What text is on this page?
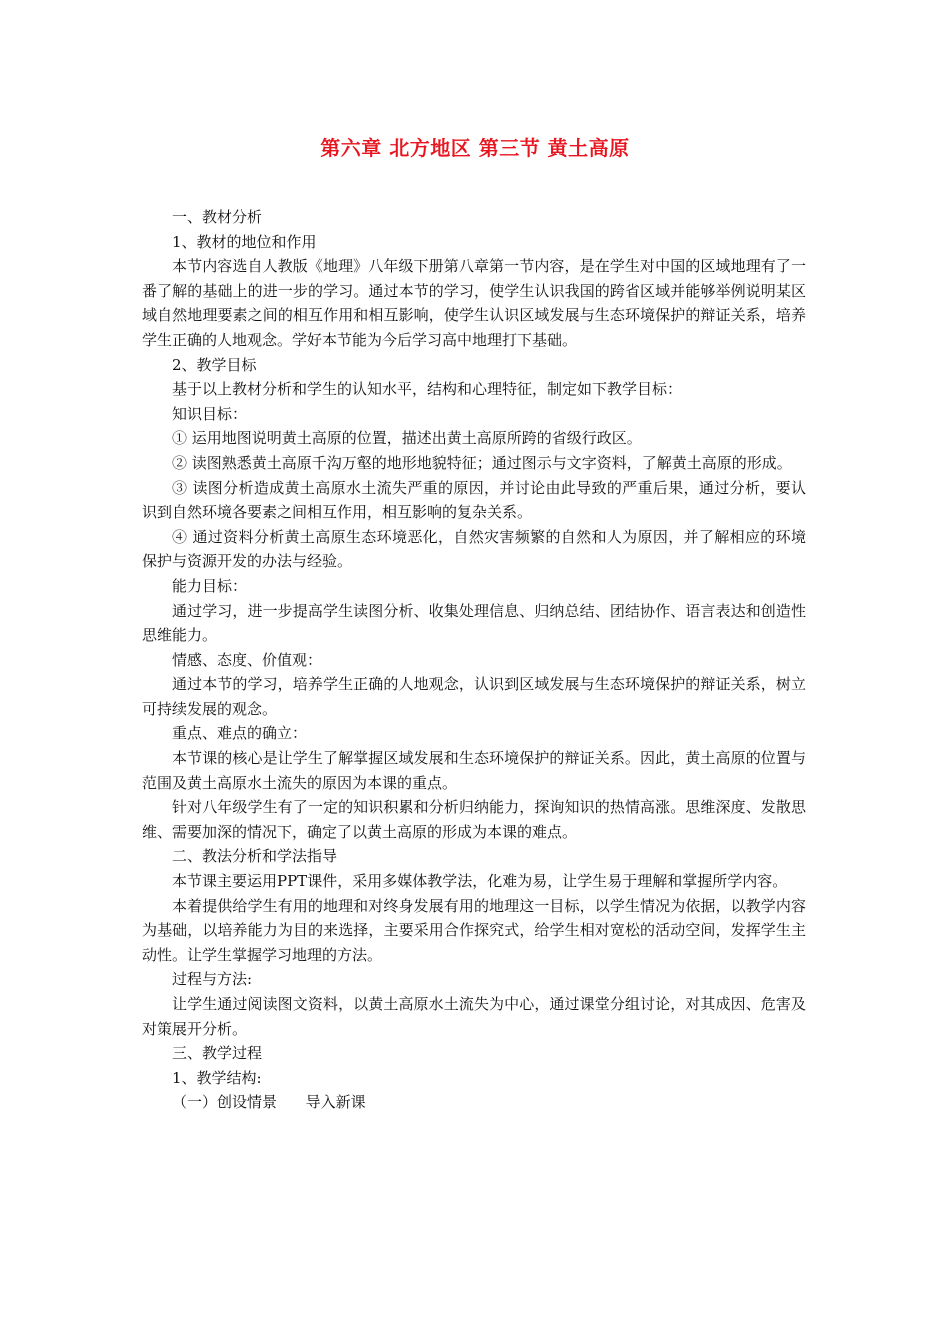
第六章 北方地区 第三节 黄土高原

一、教材分析

1、教材的地位和作用

本节内容选自人教版《地理》八年级下册第八章第一节内容，是在学生对中国的区域地理有了一番了解的基础上的进一步的学习。通过本节的学习，使学生认识我国的跨省区域并能够举例说明某区域自然地理要素之间的相互作用和相互影响，使学生认识区域发展与生态环境保护的辩证关系，培养学生正确的人地观念。学好本节能为今后学习高中地理打下基础。

2、教学目标

基于以上教材分析和学生的认知水平，结构和心理特征，制定如下教学目标：

知识目标：

① 运用地图说明黄土高原的位置，描述出黄土高原所跨的省级行政区。

② 读图熟悉黄土高原千沟万壑的地形地貌特征；通过图示与文字资料，了解黄土高原的形成。

③ 读图分析造成黄土高原水土流失严重的原因，并讨论由此导致的严重后果，通过分析，要认识到自然环境各要素之间相互作用，相互影响的复杂关系。

④ 通过资料分析黄土高原生态环境恶化，自然灾害频繁的自然和人为原因，并了解相应的环境保护与资源开发的办法与经验。

能力目标：

通过学习，进一步提高学生读图分析、收集处理信息、归纳总结、团结协作、语言表达和创造性思维能力。

情感、态度、价值观：

通过本节的学习，培养学生正确的人地观念，认识到区域发展与生态环境保护的辩证关系，树立可持续发展的观念。

重点、难点的确立：

本节课的核心是让学生了解掌握区域发展和生态环境保护的辩证关系。因此，黄土高原的位置与范围及黄土高原水土流失的原因为本课的重点。

针对八年级学生有了一定的知识积累和分析归纳能力，探询知识的热情高涨。思维深度、发散思维、需要加深的情况下，确定了以黄土高原的形成为本课的难点。

二、教法分析和学法指导

本节课主要运用PPT课件，采用多媒体教学法，化难为易，让学生易于理解和掌握所学内容。

本着提供给学生有用的地理和对终身发展有用的地理这一目标，以学生情况为依据，以教学内容为基础，以培养能力为目的来选择，主要采用合作探究式，给学生相对宽松的活动空间，发挥学生主动性。让学生掌握学习地理的方法。

过程与方法:

让学生通过阅读图文资料，以黄土高原水土流失为中心，通过课堂分组讨论，对其成因、危害及对策展开分析。

三、教学过程

1、教学结构:

（一）创设情景      导入新课
